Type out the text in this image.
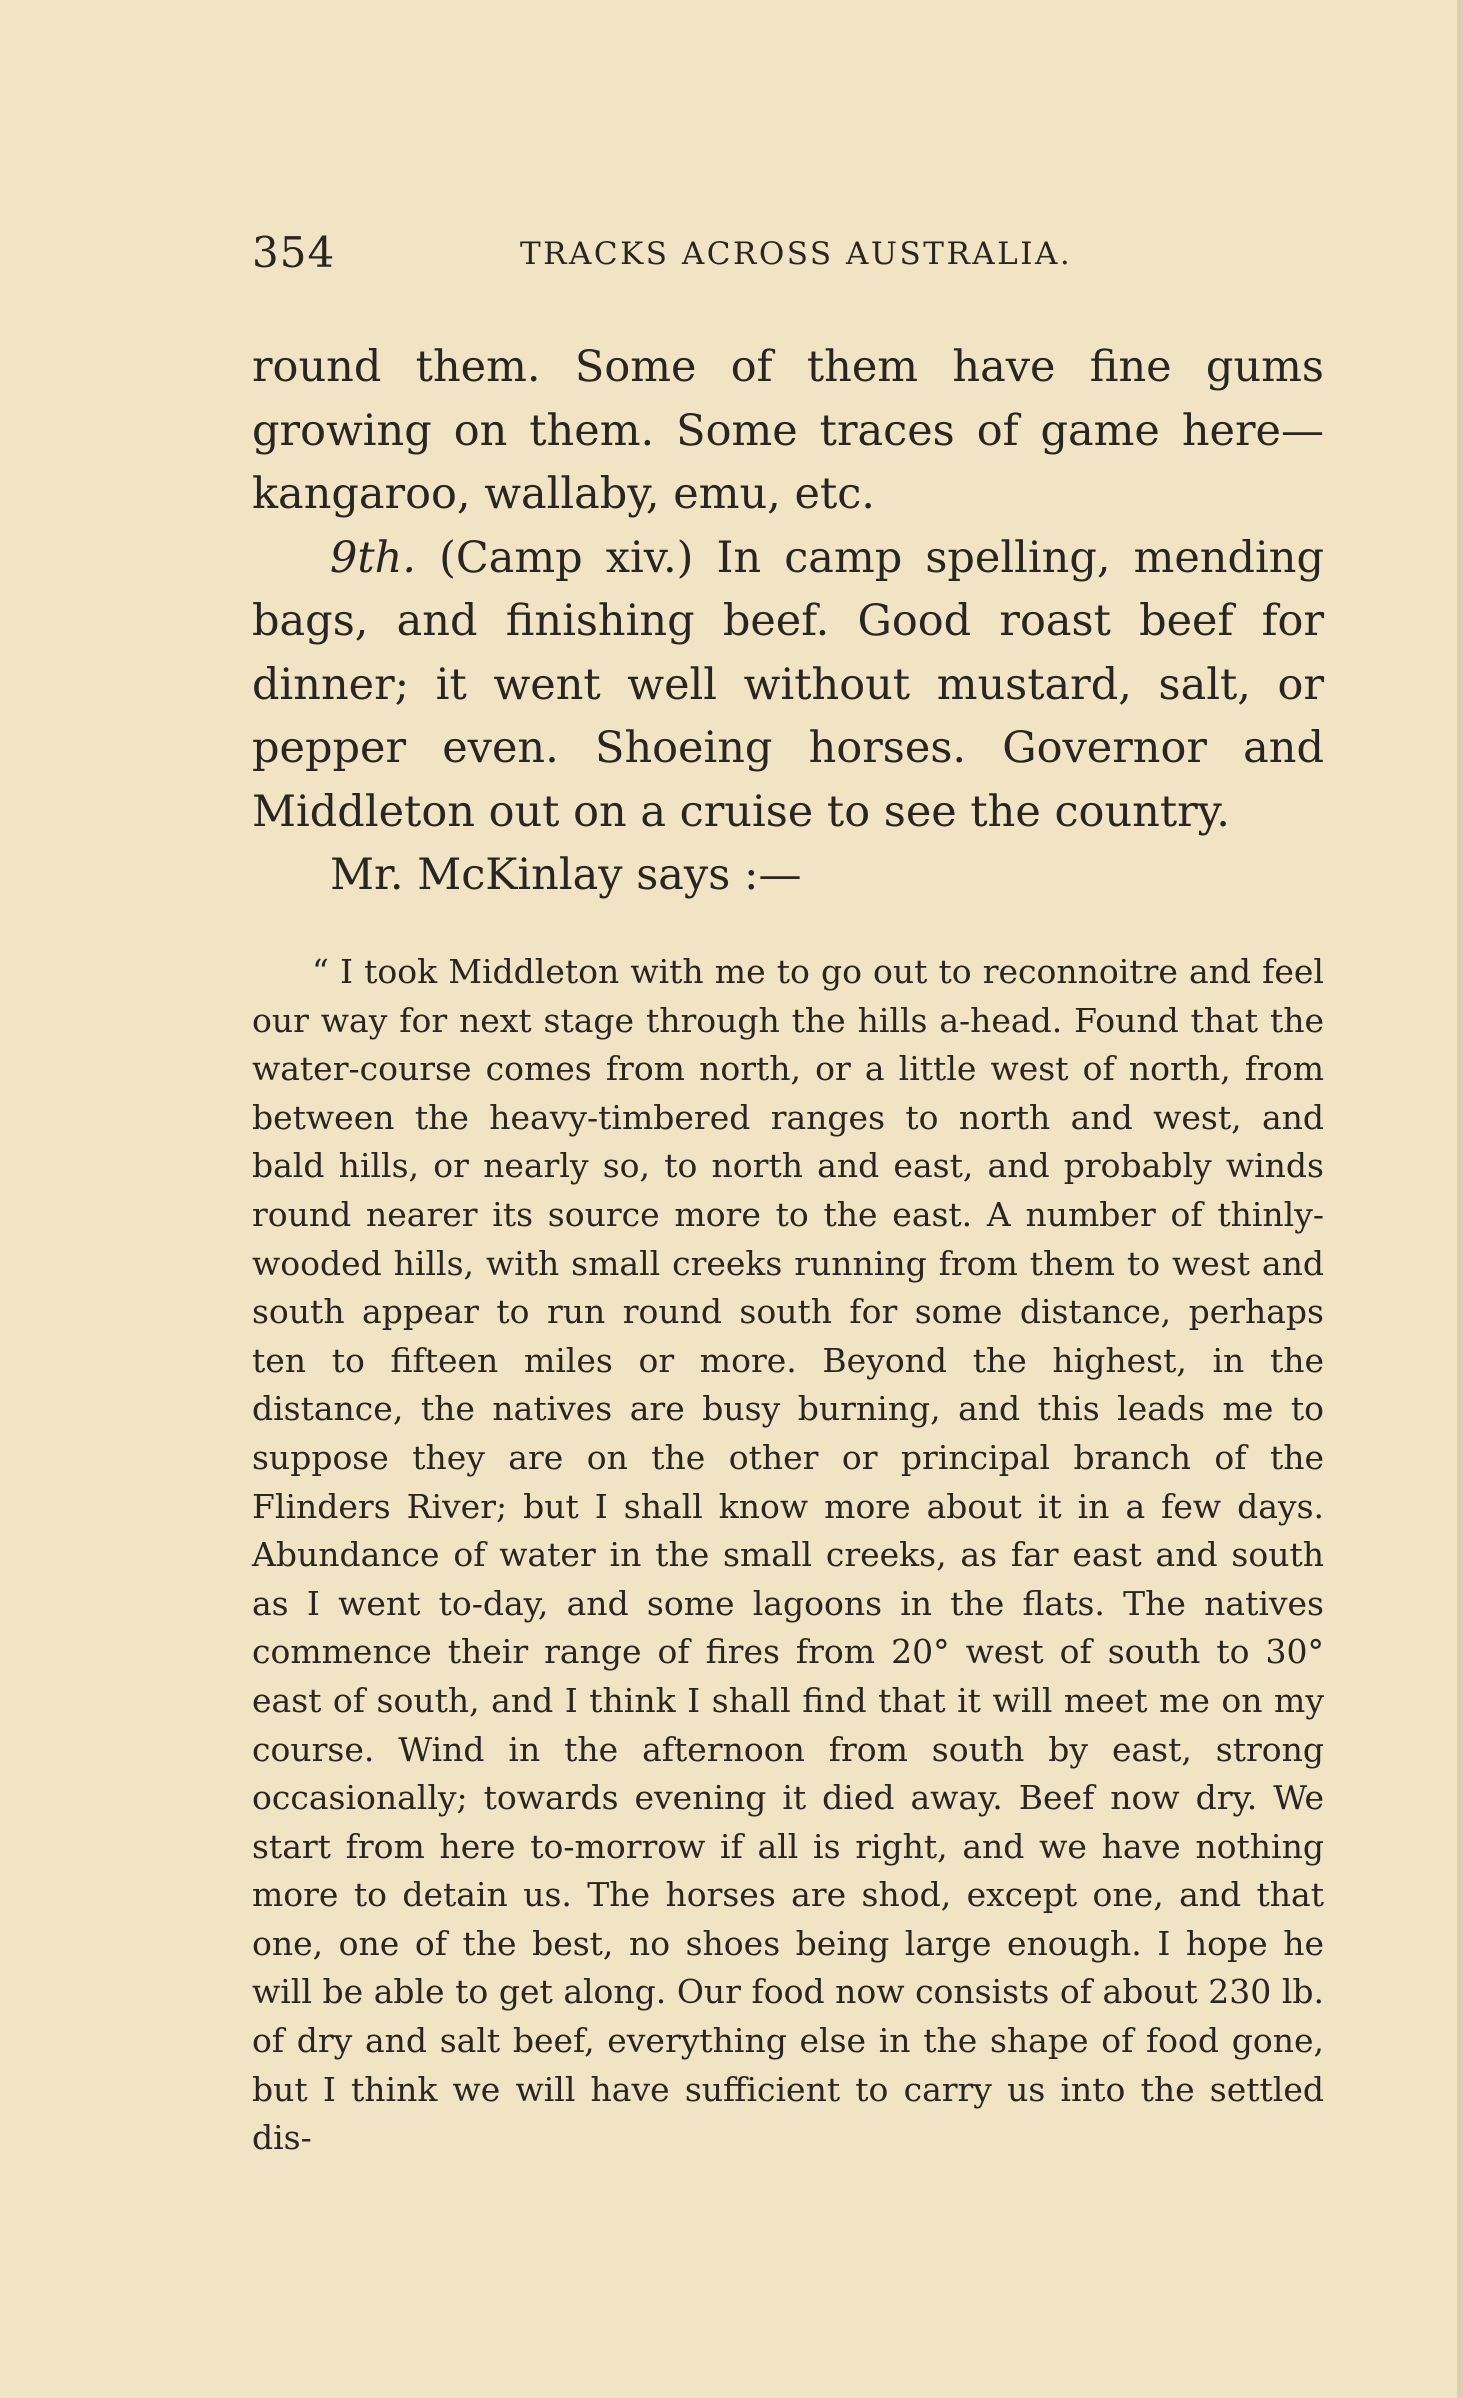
354	TRACKS ACROSS AUSTRALIA.

round them. Some of them have fine gums growing on them. Some traces of game here—kangaroo, wallaby, emu, etc.

9th. (Camp xiv.) In camp spelling, mending bags, and finishing beef. Good roast beef for dinner; it went well without mustard, salt, or pepper even. Shoeing horses. Governor and Middleton out on a cruise to see the country.

Mr. McKinlay says :—

“ I took Middleton with me to go out to reconnoitre and feel our way for next stage through the hills a-head. Found that the water-course comes from north, or a little west of north, from between the heavy-timbered ranges to north and west, and bald hills, or nearly so, to north and east, and probably winds round nearer its source more to the east. A number of thinly-wooded hills, with small creeks running from them to west and south appear to run round south for some distance, perhaps ten to fifteen miles or more. Beyond the highest, in the distance, the natives are busy burning, and this leads me to suppose they are on the other or principal branch of the Flinders River; but I shall know more about it in a few days. Abundance of water in the small creeks, as far east and south as I went to-day, and some lagoons in the flats. The natives commence their range of fires from 20° west of south to 30° east of south, and I think I shall find that it will meet me on my course. Wind in the afternoon from south by east, strong occasionally; towards evening it died away. Beef now dry. We start from here to-morrow if all is right, and we have nothing more to detain us. The horses are shod, except one, and that one, one of the best, no shoes being large enough. I hope he will be able to get along. Our food now consists of about 230 lb. of dry and salt beef, everything else in the shape of food gone, but I think we will have sufficient to carry us into the settled dis-
